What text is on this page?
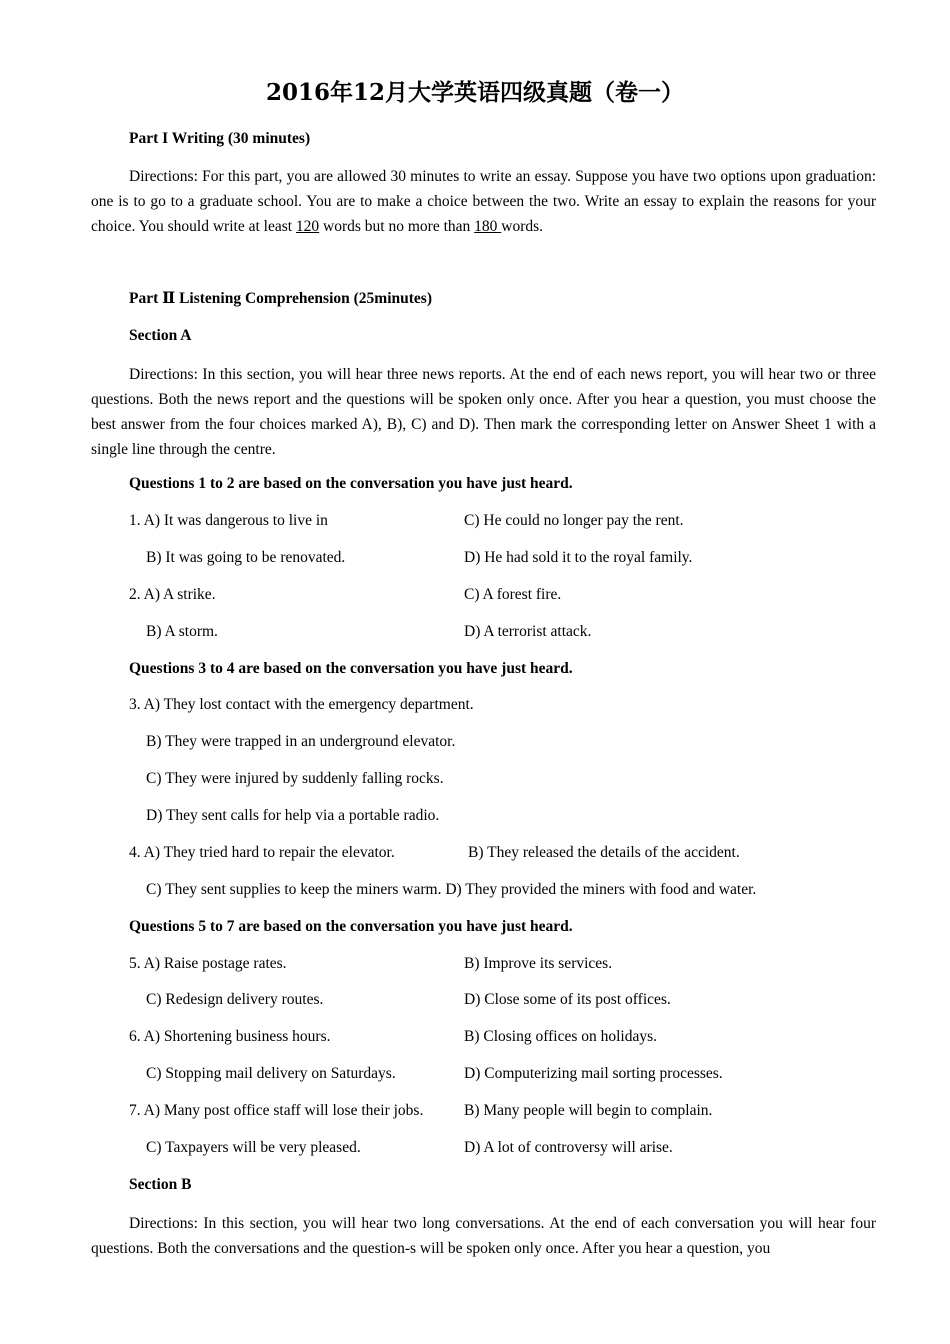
2016年12月大学英语四级真题（卷一）
Part I Writing (30 minutes)
Directions: For this part, you are allowed 30 minutes to write an essay. Suppose you have two options upon graduation: one is to go to a graduate school. You are to make a choice between the two. Write an essay to explain the reasons for your choice. You should write at least 120 words but no more than 180 words.
Part Ⅱ Listening Comprehension (25minutes)
Section A
Directions: In this section, you will hear three news reports. At the end of each news report, you will hear two or three questions. Both the news report and the questions will be spoken only once. After you hear a question, you must choose the best answer from the four choices marked A), B), C) and D). Then mark the corresponding letter on Answer Sheet 1 with a single line through the centre.
Questions 1 to 2 are based on the conversation you have just heard.
1. A) It was dangerous to live in	C) He could no longer pay the rent.
B) It was going to be renovated.	D) He had sold it to the royal family.
2. A) A strike.	C) A forest fire.
B) A storm.	D) A terrorist attack.
Questions 3 to 4 are based on the conversation you have just heard.
3. A) They lost contact with the emergency department.
B) They were trapped in an underground elevator.
C) They were injured by suddenly falling rocks.
D) They sent calls for help via a portable radio.
4. A) They tried hard to repair the elevator.	B) They released the details of the accident.
C) They sent supplies to keep the miners warm. D) They provided the miners with food and water.
Questions 5 to 7 are based on the conversation you have just heard.
5. A) Raise postage rates.	B) Improve its services.
C) Redesign delivery routes.	D) Close some of its post offices.
6. A) Shortening business hours.	B) Closing offices on holidays.
C) Stopping mail delivery on Saturdays.	D) Computerizing mail sorting processes.
7. A) Many post office staff will lose their jobs.	B) Many people will begin to complain.
C) Taxpayers will be very pleased.	D) A lot of controversy will arise.
Section B
Directions: In this section, you will hear two long conversations. At the end of each conversation you will hear four questions. Both the conversations and the question-s will be spoken only once. After you hear a question, you
